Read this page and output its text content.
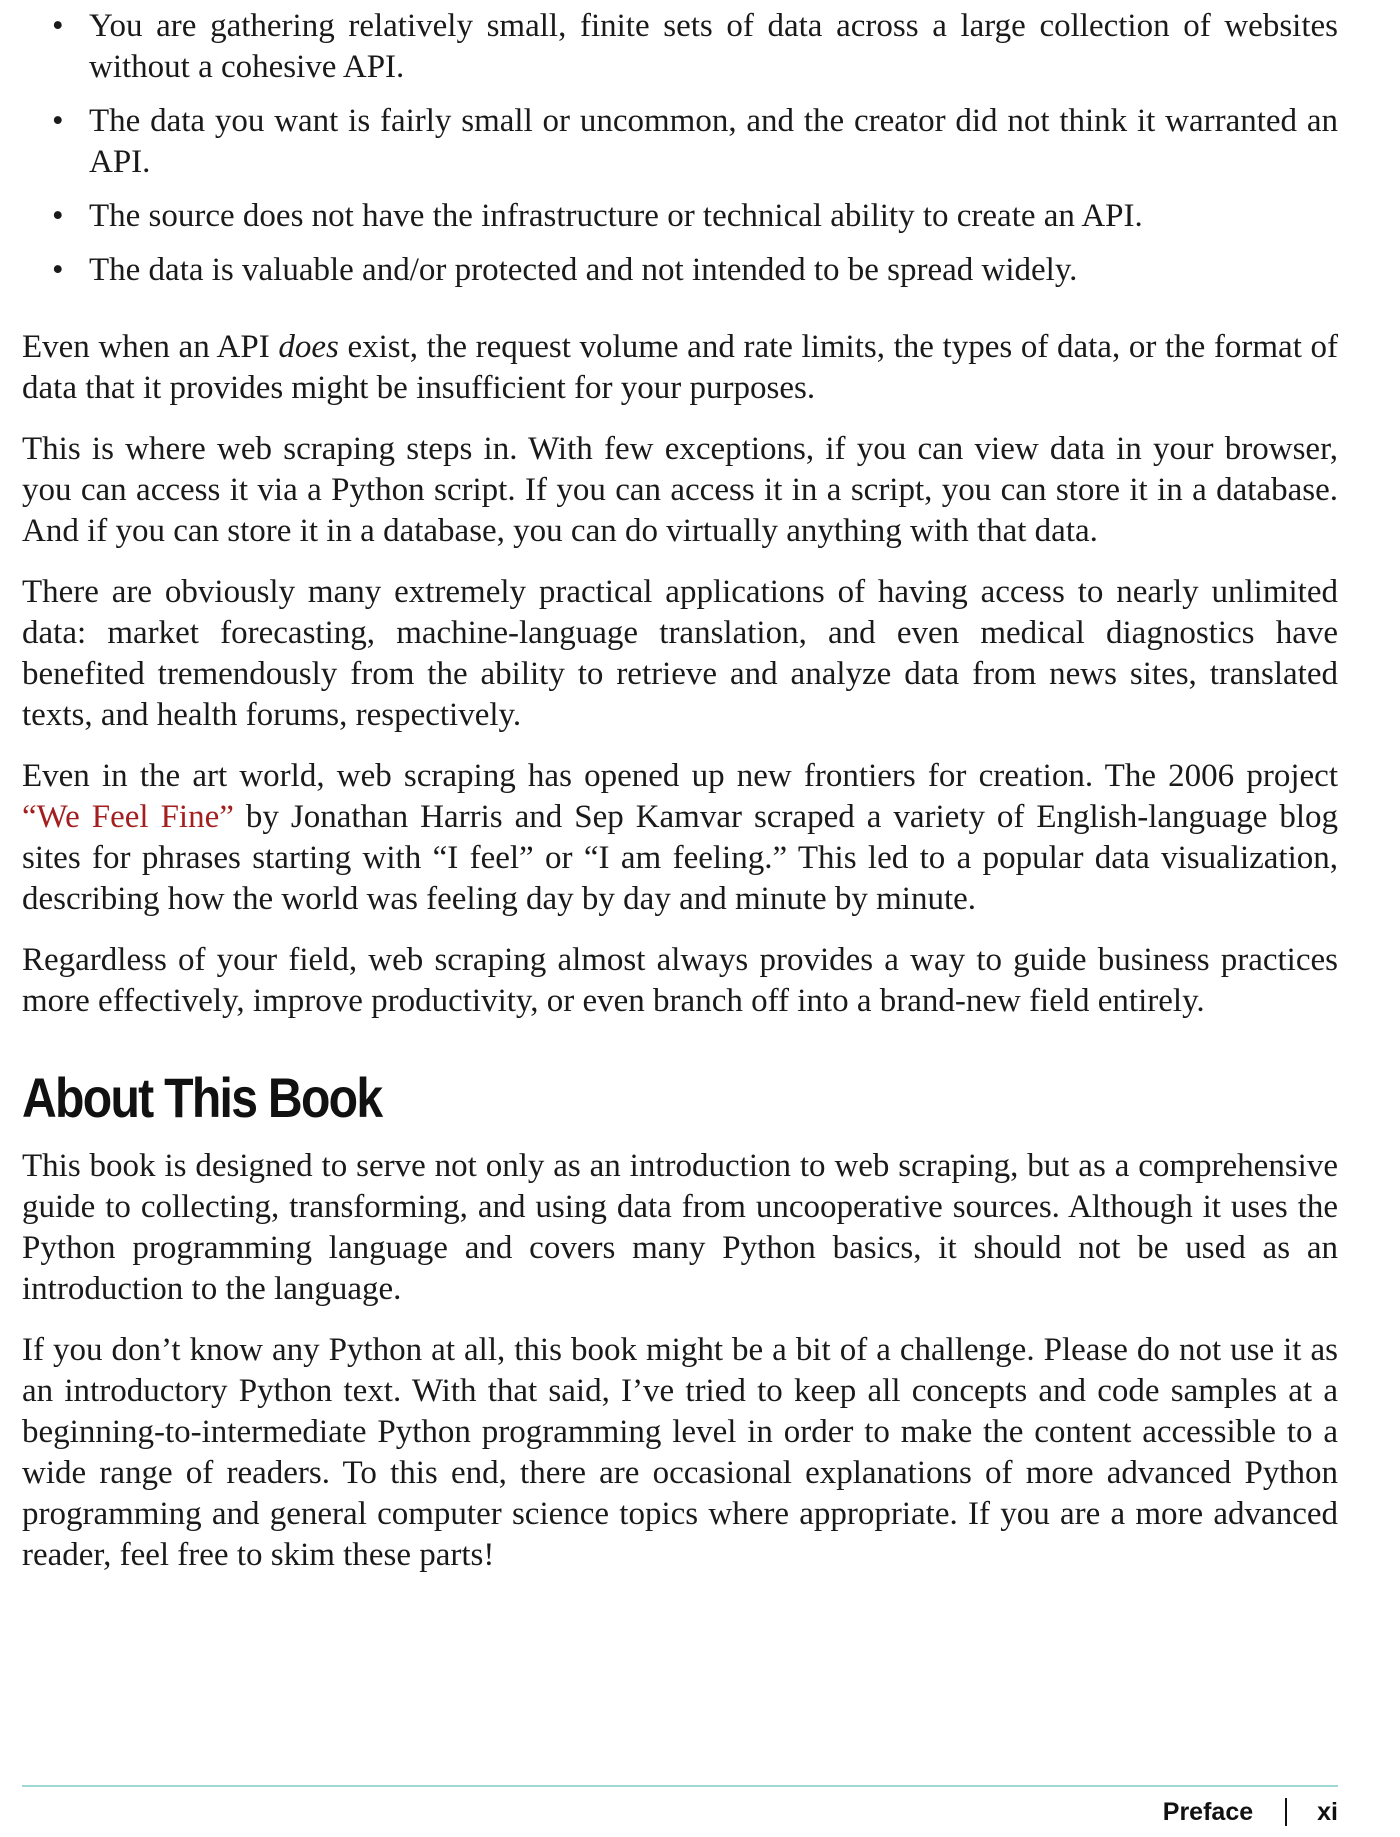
• You are gathering relatively small, finite sets of data across a large collection of websites without a cohesive API.
• The data you want is fairly small or uncommon, and the creator did not think it warranted an API.
• The source does not have the infrastructure or technical ability to create an API.
• The data is valuable and/or protected and not intended to be spread widely.

Even when an API does exist, the request volume and rate limits, the types of data, or the format of data that it provides might be insufficient for your purposes.

This is where web scraping steps in. With few exceptions, if you can view data in your browser, you can access it via a Python script. If you can access it in a script, you can store it in a database. And if you can store it in a database, you can do virtually anything with that data.

There are obviously many extremely practical applications of having access to nearly unlimited data: market forecasting, machine-language translation, and even medical diagnostics have benefited tremendously from the ability to retrieve and analyze data from news sites, translated texts, and health forums, respectively.

Even in the art world, web scraping has opened up new frontiers for creation. The 2006 project “We Feel Fine” by Jonathan Harris and Sep Kamvar scraped a variety of English-language blog sites for phrases starting with “I feel” or “I am feeling.” This led to a popular data visualization, describing how the world was feeling day by day and minute by minute.

Regardless of your field, web scraping almost always provides a way to guide business practices more effectively, improve productivity, or even branch off into a brand-new field entirely.

About This Book

This book is designed to serve not only as an introduction to web scraping, but as a comprehensive guide to collecting, transforming, and using data from uncooperative sources. Although it uses the Python programming language and covers many Python basics, it should not be used as an introduction to the language.

If you don’t know any Python at all, this book might be a bit of a challenge. Please do not use it as an introductory Python text. With that said, I’ve tried to keep all concepts and code samples at a beginning-to-intermediate Python programming level in order to make the content accessible to a wide range of readers. To this end, there are occasional explanations of more advanced Python programming and general computer science topics where appropriate. If you are a more advanced reader, feel free to skim these parts!

Preface	xi
